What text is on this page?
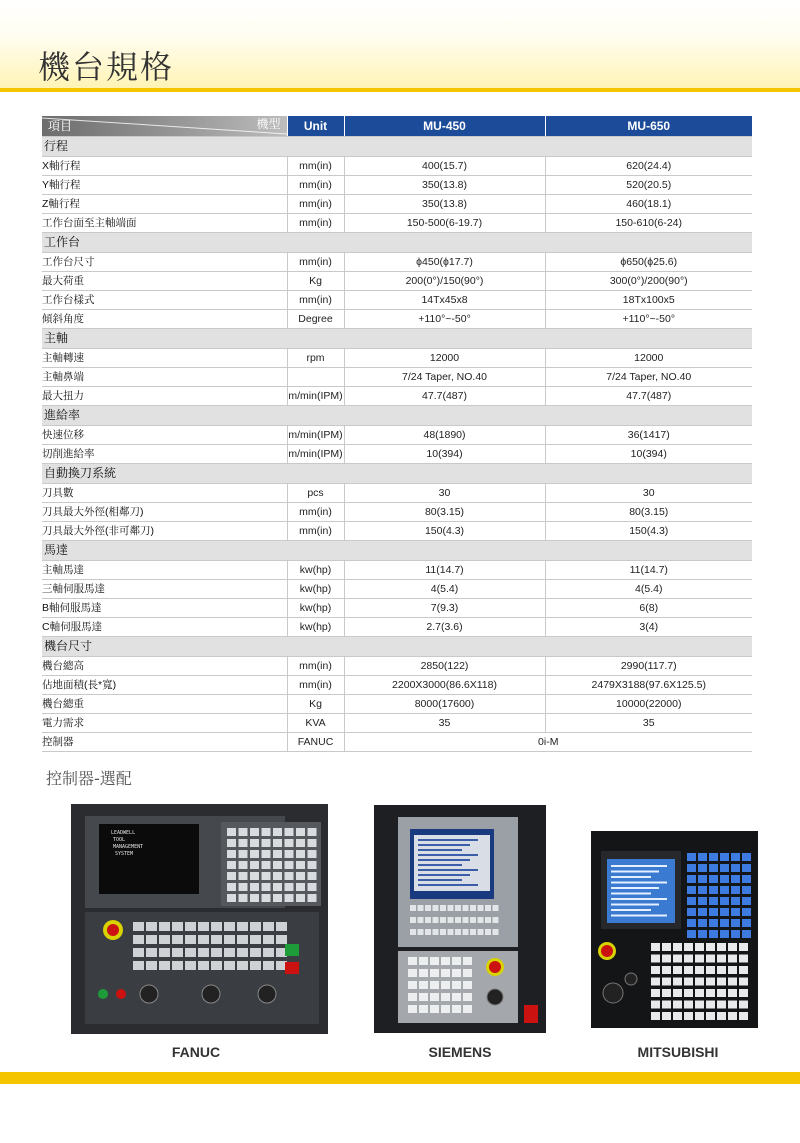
機台規格
項目 機型	Unit	MU-450	MU-650
行程			
X軸行程	mm(in)	400(15.7)	620(24.4)
Y軸行程	mm(in)	350(13.8)	520(20.5)
Z軸行程	mm(in)	350(13.8)	460(18.1)
工作台面至主軸端面	mm(in)	150-500(6-19.7)	150-610(6-24)
工作台			
工作台尺寸	mm(in)	ϕ450(ϕ17.7)	ϕ650(ϕ25.6)
最大荷重	Kg	200(0°)/150(90°)	300(0°)/200(90°)
工作台樣式	mm(in)	14Tx45x8	18Tx100x5
傾斜角度	Degree	+110°~-50°	+110°~-50°
主軸			
主軸轉速	rpm	12000	12000
主軸鼻端		7/24 Taper, NO.40	7/24 Taper, NO.40
最大扭力	m/min(IPM)	47.7(487)	47.7(487)
進給率			
快速位移	m/min(IPM)	48(1890)	36(1417)
切削進給率	m/min(IPM)	10(394)	10(394)
自動換刀系統			
刀具數	pcs	30	30
刀具最大外徑(相鄰刀)	mm(in)	80(3.15)	80(3.15)
刀具最大外徑(非可鄰刀)	mm(in)	150(4.3)	150(4.3)
馬達			
主軸馬達	kw(hp)	11(14.7)	11(14.7)
三軸伺服馬達	kw(hp)	4(5.4)	4(5.4)
B軸伺服馬達	kw(hp)	7(9.3)	6(8)
C軸伺服馬達	kw(hp)	2.7(3.6)	3(4)
機台尺寸			
機台總高	mm(in)	2850(122)	2990(117.7)
佔地面積(長*寬)	mm(in)	2200X3000(86.6X118)	2479X3188(97.6X125.5)
機台總重	Kg	8000(17600)	10000(22000)
電力需求	KVA	35	35
控制器	FANUC	0i-M	
控制器-選配
LEADWELL
TOOL
MANAGEMENT
SYSTEM
FANUC	SIEMENS	MITSUBISHI
